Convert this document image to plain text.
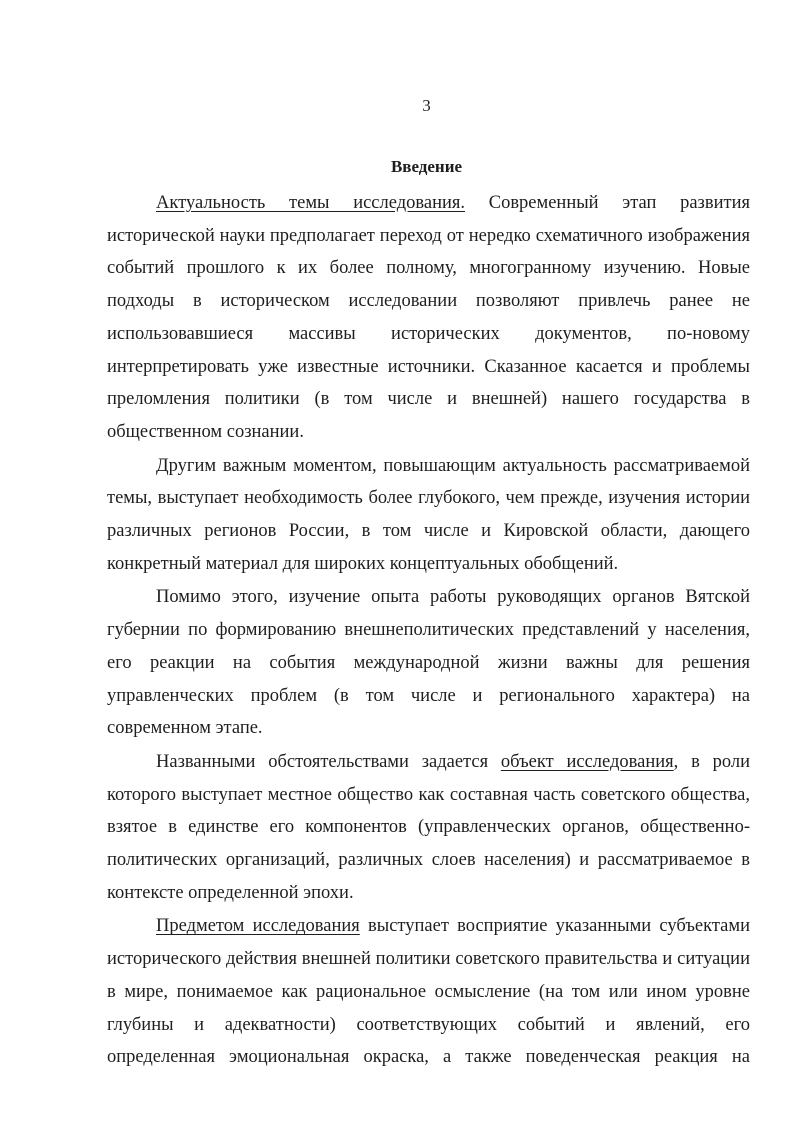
3
Введение

Актуальность темы исследования. Современный этап развития исторической науки предполагает переход от нередко схематичного изображения событий прошлого к их более полному, многогранному изучению. Новые подходы в историческом исследовании позволяют привлечь ранее не использовавшиеся массивы исторических документов, по-новому интерпретировать уже известные источники. Сказанное касается и проблемы преломления политики (в том числе и внешней) нашего государства в общественном сознании.

Другим важным моментом, повышающим актуальность рассматриваемой темы, выступает необходимость более глубокого, чем прежде, изучения истории различных регионов России, в том числе и Кировской области, дающего конкретный материал для широких концептуальных обобщений.

Помимо этого, изучение опыта работы руководящих органов Вятской губернии по формированию внешнеполитических представлений у населения, его реакции на события международной жизни важны для решения управленческих проблем (в том числе и регионального характера) на современном этапе.

Названными обстоятельствами задается объект исследования, в роли которого выступает местное общество как составная часть советского общества, взятое в единстве его компонентов (управленческих органов, общественно-политических организаций, различных слоев населения) и рассматриваемое в контексте определенной эпохи.

Предметом исследования выступает восприятие указанными субъектами исторического действия внешней политики советского правительства и ситуации в мире, понимаемое как рациональное осмысление (на том или ином уровне глубины и адекватности) соответствующих событий и явлений, его определенная эмоциональная окраска, а также поведенческая реакция на
